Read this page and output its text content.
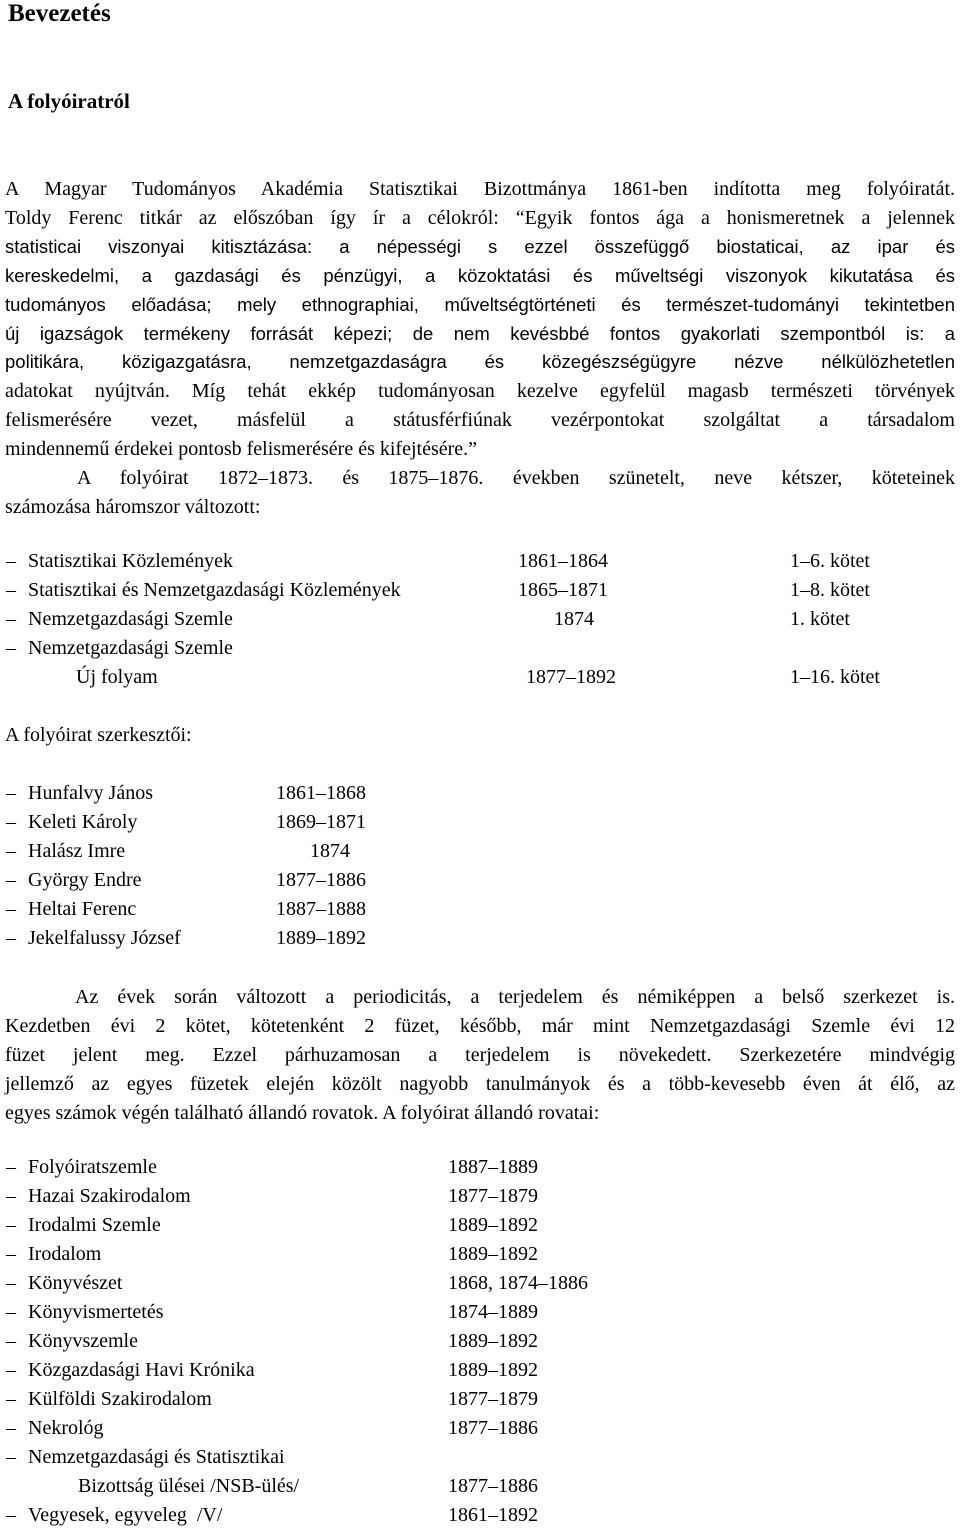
Bevezetés
A folyóiratról
A Magyar Tudományos Akadémia Statisztikai Bizottmánya 1861-ben indította meg folyóiratát.
Toldy Ferenc titkár az előszóban így ír a célokról: “Egyik fontos ága a honismeretnek a jelennek
statisticai viszonyai kitisztázása: a népességi s ezzel összefüggő biostaticai, az ipar és
kereskedelmi, a gazdasági és pénzügyi, a közoktatási és műveltségi viszonyok kikutatása és
tudományos előadása; mely ethnographiai, műveltségtörténeti és természet-tudományi tekintetben
új igazságok termékeny forrását képezi; de nem kevésbbé fontos gyakorlati szempontból is: a
politikára, közigazgatásra, nemzetgazdaságra és közegészségügyre nézve nélkülözhetetlen
adatokat nyújtván. Míg tehát ekkép tudományosan kezelve egyfelül magasb természeti törvények
felismerésére vezet, másfelül a státusférfiúnak vezérpontokat szolgáltat a társadalom
mindennemű érdekei pontosb felismerésére és kifejtésére.”
A folyóirat 1872–1873. és 1875–1876. években szünetelt, neve kétszer, köteteinek
számozása háromszor változott:
– Statisztikai Közlemények	1861–1864	1–6. kötet
– Statisztikai és Nemzetgazdasági Közlemények	1865–1871	1–8. kötet
– Nemzetgazdasági Szemle	1874	1. kötet
– Nemzetgazdasági Szemle
Új folyam	1877–1892	1–16. kötet
A folyóirat szerkesztői:
– Hunfalvy János	1861–1868
– Keleti Károly	1869–1871
– Halász Imre	1874
– György Endre	1877–1886
– Heltai Ferenc	1887–1888
– Jekelfalussy József	1889–1892
Az évek során változott a periodicitás, a terjedelem és némiképpen a belső szerkezet is.
Kezdetben évi 2 kötet, kötetenként 2 füzet, később, már mint Nemzetgazdasági Szemle évi 12
füzet jelent meg. Ezzel párhuzamosan a terjedelem is növekedett. Szerkezetére mindvégig
jellemző az egyes füzetek elején közölt nagyobb tanulmányok és a több-kevesebb éven át élő, az
egyes számok végén található állandó rovatok. A folyóirat állandó rovatai:
– Folyóiratszemle	1887–1889
– Hazai Szakirodalom	1877–1879
– Irodalmi Szemle	1889–1892
– Irodalom	1889–1892
– Könyvészet	1868, 1874–1886
– Könyvismertetés	1874–1889
– Könyvszemle	1889–1892
– Közgazdasági Havi Krónika	1889–1892
– Külföldi Szakirodalom	1877–1879
– Nekrológ	1877–1886
– Nemzetgazdasági és Statisztikai
Bizottság ülései /NSB-ülés/	1877–1886
– Vegyesek, egyveleg  /V/	1861–1892
